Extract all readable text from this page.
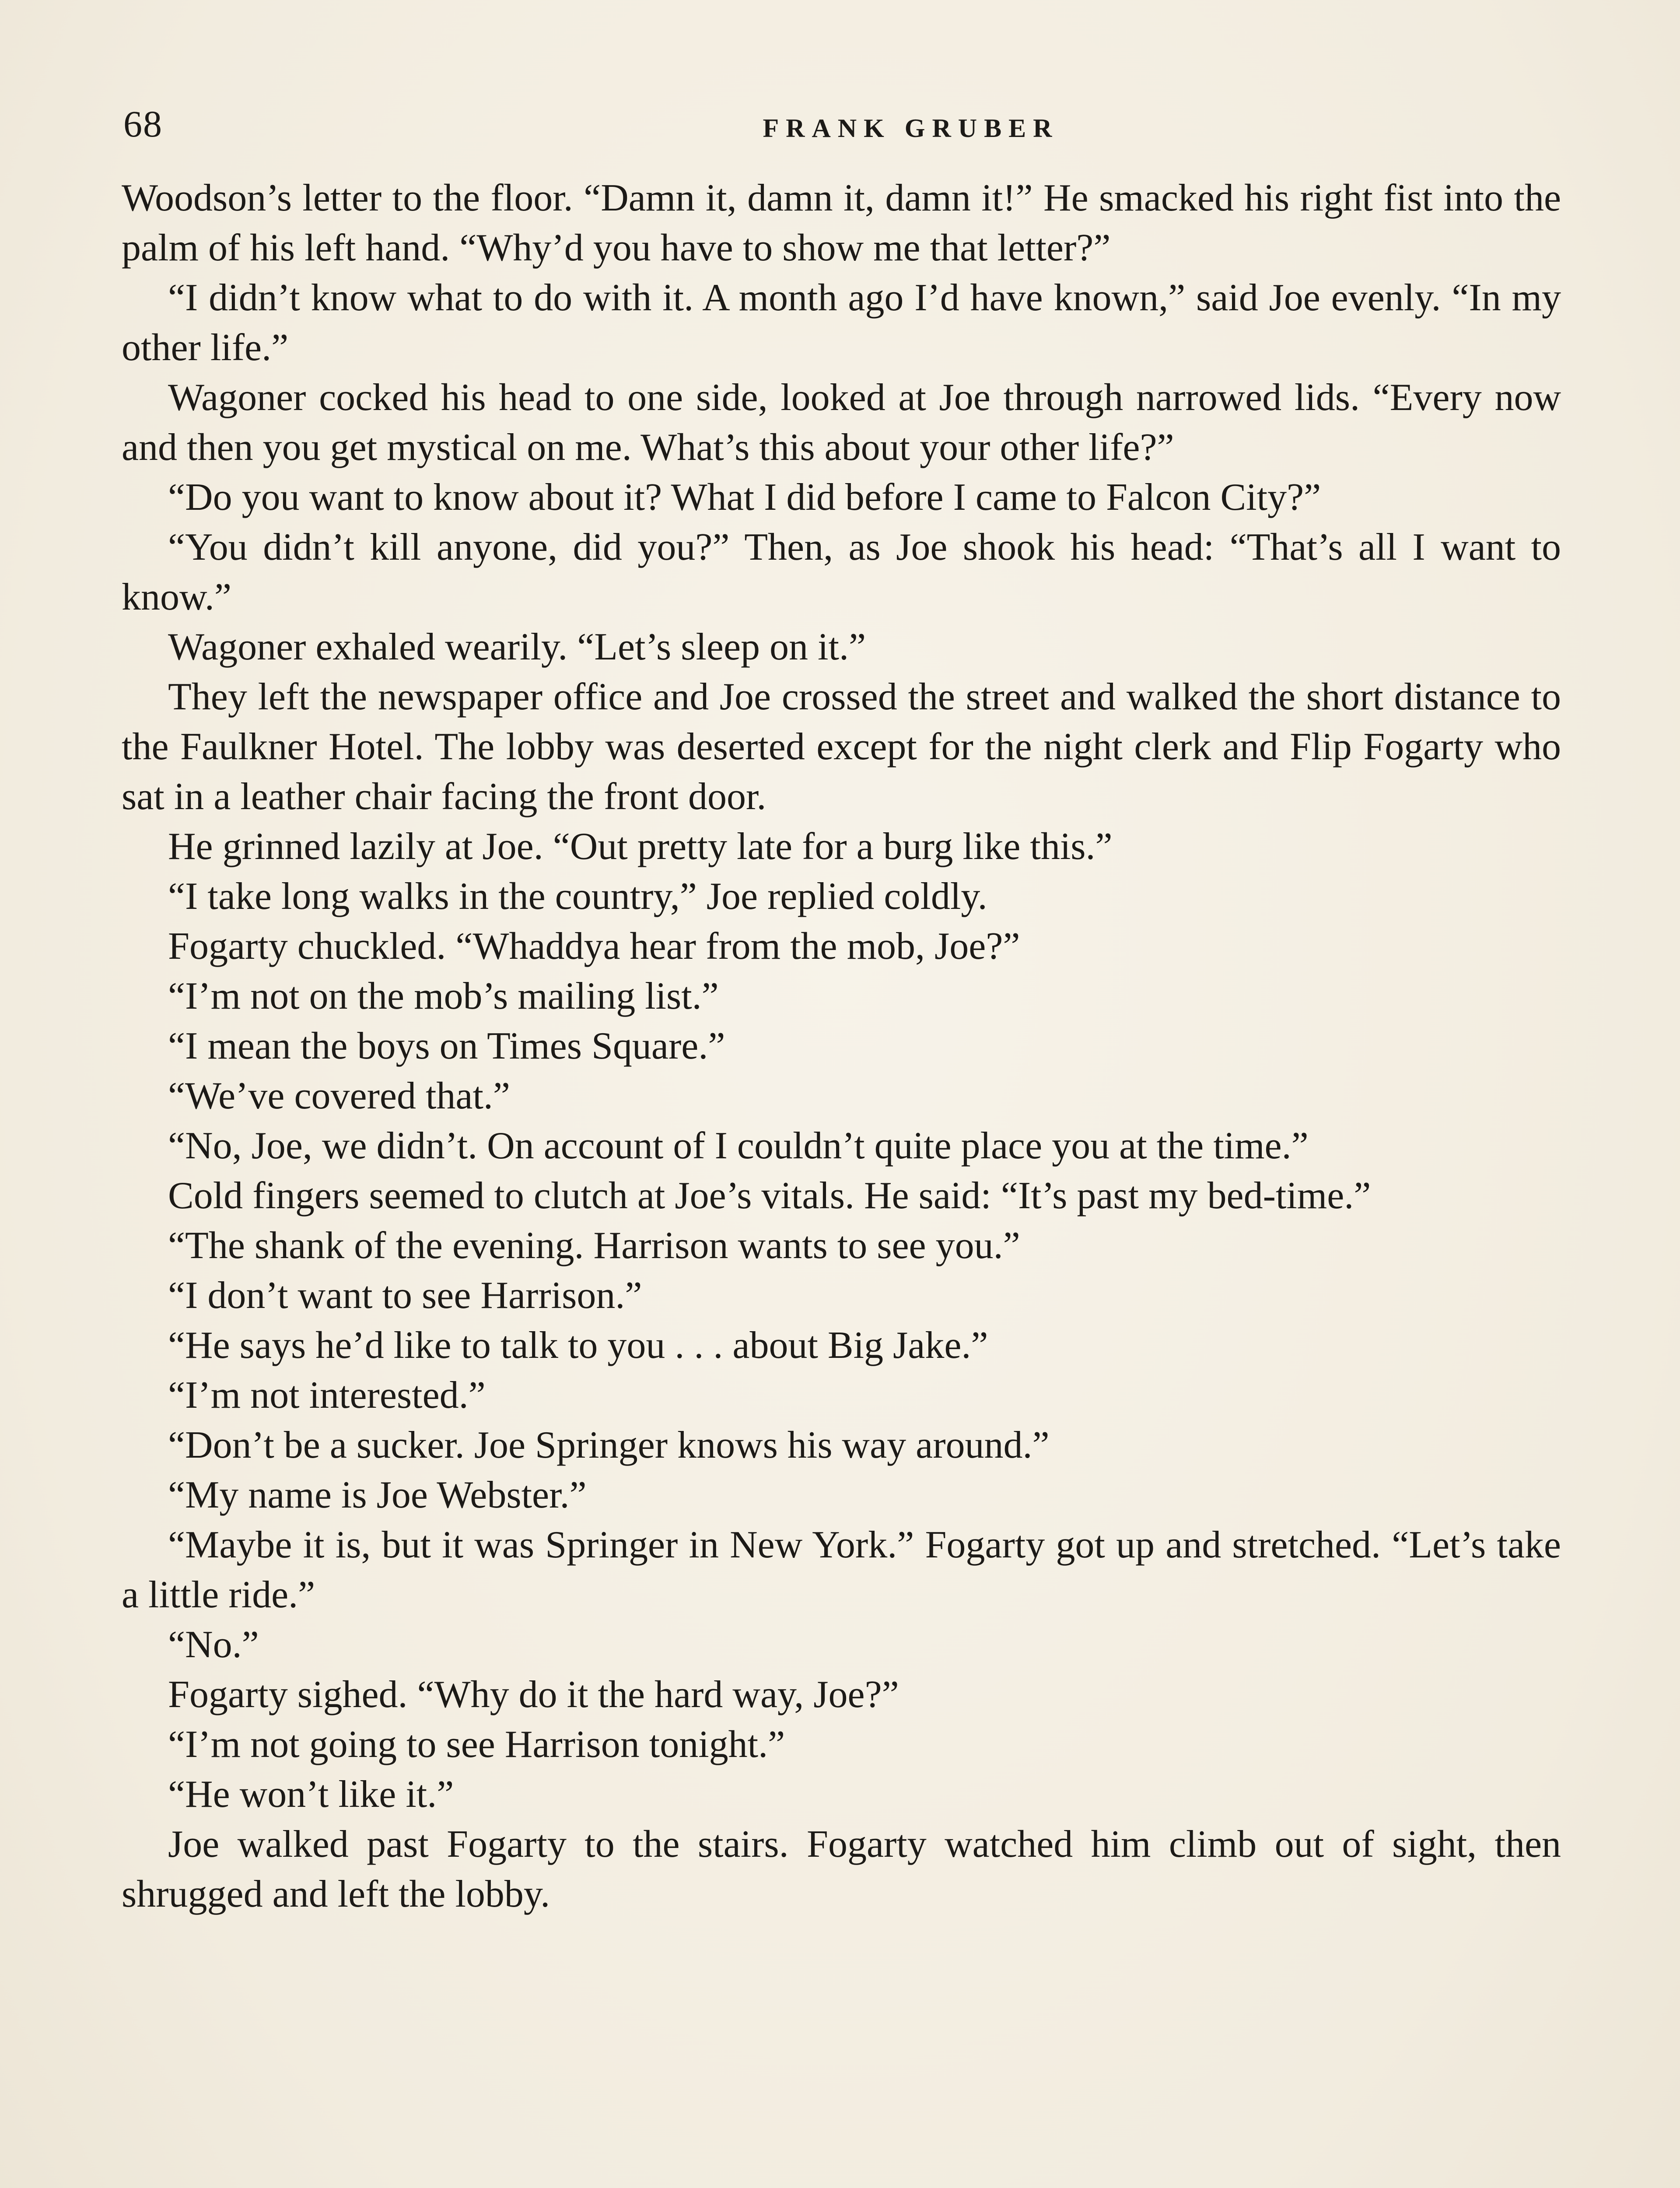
68	FRANK GRUBER

Woodson’s letter to the floor. “Damn it, damn it, damn it!” He smacked his right fist into the palm of his left hand. “Why’d you have to show me that letter?”

“I didn’t know what to do with it. A month ago I’d have known,” said Joe evenly. “In my other life.”

Wagoner cocked his head to one side, looked at Joe through narrowed lids. “Every now and then you get mystical on me. What’s this about your other life?”

“Do you want to know about it? What I did before I came to Falcon City?”

“You didn’t kill anyone, did you?” Then, as Joe shook his head: “That’s all I want to know.”

Wagoner exhaled wearily. “Let’s sleep on it.”

They left the newspaper office and Joe crossed the street and walked the short distance to the Faulkner Hotel. The lobby was deserted except for the night clerk and Flip Fogarty who sat in a leather chair facing the front door.

He grinned lazily at Joe. “Out pretty late for a burg like this.”

“I take long walks in the country,” Joe replied coldly.

Fogarty chuckled. “Whaddya hear from the mob, Joe?”

“I’m not on the mob’s mailing list.”

“I mean the boys on Times Square.”

“We’ve covered that.”

“No, Joe, we didn’t. On account of I couldn’t quite place you at the time.”

Cold fingers seemed to clutch at Joe’s vitals. He said: “It’s past my bed-time.”

“The shank of the evening. Harrison wants to see you.”

“I don’t want to see Harrison.”

“He says he’d like to talk to you . . . about Big Jake.”

“I’m not interested.”

“Don’t be a sucker. Joe Springer knows his way around.”

“My name is Joe Webster.”

“Maybe it is, but it was Springer in New York.” Fogarty got up and stretched. “Let’s take a little ride.”

“No.”

Fogarty sighed. “Why do it the hard way, Joe?”

“I’m not going to see Harrison tonight.”

“He won’t like it.”

Joe walked past Fogarty to the stairs. Fogarty watched him climb out of sight, then shrugged and left the lobby.
